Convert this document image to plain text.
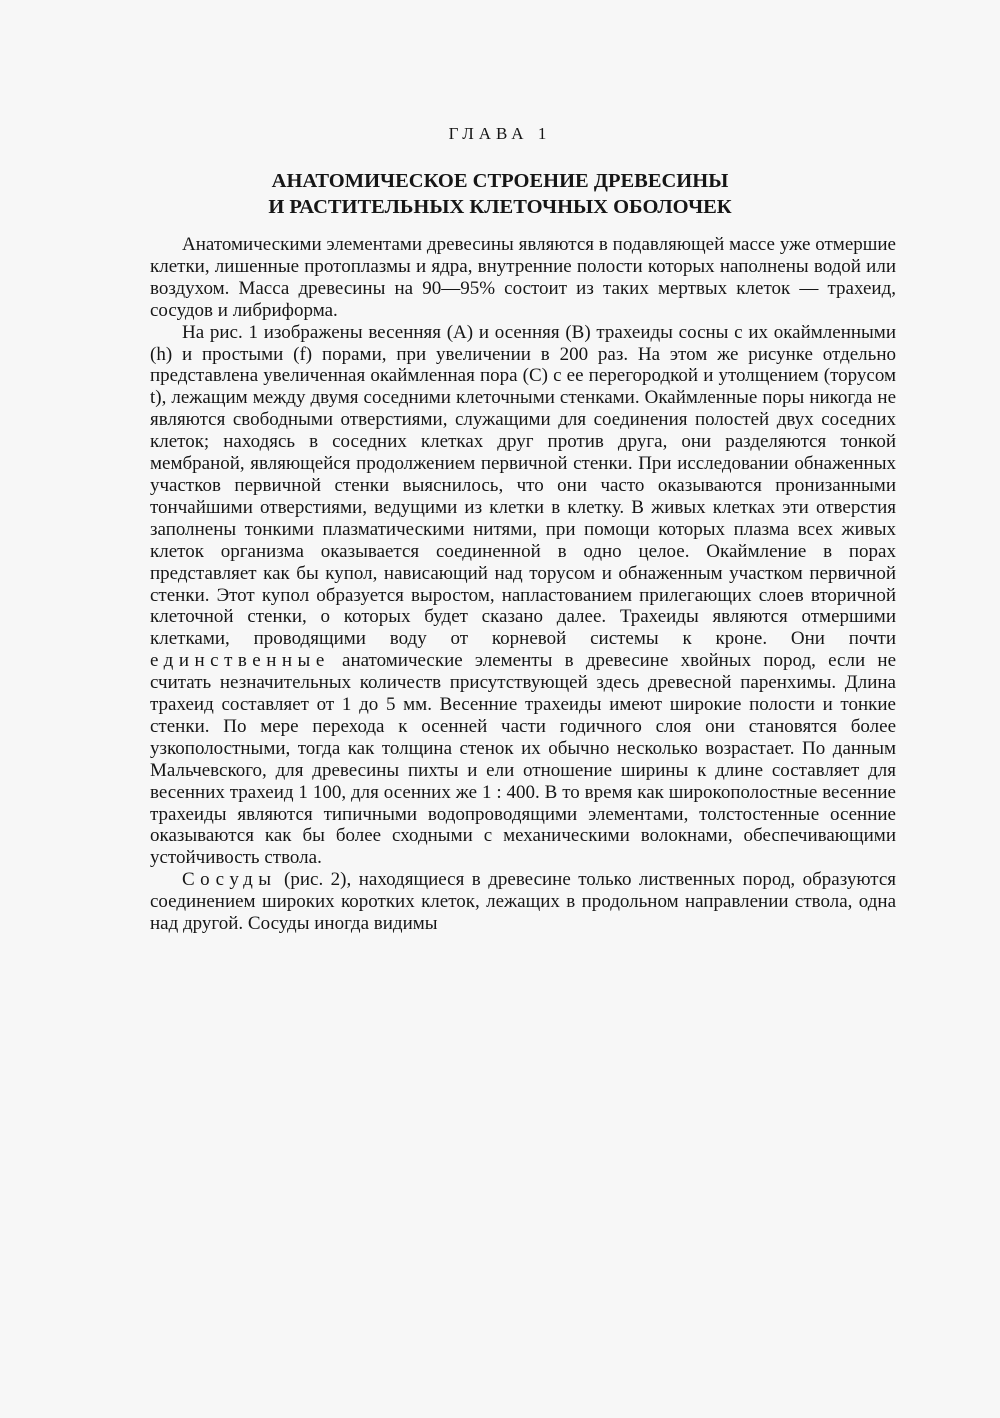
ГЛАВА 1
АНАТОМИЧЕСКОЕ СТРОЕНИЕ ДРЕВЕСИНЫ
И РАСТИТЕЛЬНЫХ КЛЕТОЧНЫХ ОБОЛОЧЕК

Анатомическими элементами древесины являются в подавляющей массе уже отмершие клетки, лишенные протоплазмы и ядра, внутренние полости которых наполнены водой или воздухом. Масса древесины на 90—95% состоит из таких мертвых клеток — трахеид, сосудов и либриформа.

На рис. 1 изображены весенняя (А) и осенняя (В) трахеиды сосны с их окаймленными (h) и простыми (f) порами, при увеличении в 200 раз. На этом же рисунке отдельно представлена увеличенная окаймленная пора (С) с ее перегородкой и утолщением (торусом t), лежащим между двумя соседними клеточными стенками. Окаймленные поры никогда не являются свободными отверстиями, служащими для соединения полостей двух соседних клеток; находясь в соседних клетках друг против друга, они разделяются тонкой мембраной, являющейся продолжением первичной стенки. При исследовании обнаженных участков первичной стенки выяснилось, что они часто оказываются пронизанными тончайшими отверстиями, ведущими из клетки в клетку. В живых клетках эти отверстия заполнены тонкими плазматическими нитями, при помощи которых плазма всех живых клеток организма оказывается соединенной в одно целое. Окаймление в порах представляет как бы купол, нависающий над торусом и обнаженным участком первичной стенки. Этот купол образуется выростом, напластованием прилегающих слоев вторичной клеточной стенки, о которых будет сказано далее. Трахеиды являются отмершими клетками, проводящими воду от корневой системы к кроне. Они почти единственные анатомические элементы в древесине хвойных пород, если не считать незначительных количеств присутствующей здесь древесной паренхимы. Длина трахеид составляет от 1 до 5 мм. Весенние трахеиды имеют широкие полости и тонкие стенки. По мере перехода к осенней части годичного слоя они становятся более узкополостными, тогда как толщина стенок их обычно несколько возрастает. По данным Мальчевского, для древесины пихты и ели отношение ширины к длине составляет для весенних трахеид 1 100, для осенних же 1 : 400. В то время как широкополостные весенние трахеиды являются типичными водопроводящими элементами, толстостенные осенние оказываются как бы более сходными с механическими волокнами, обеспечивающими устойчивость ствола.

Сосуды (рис. 2), находящиеся в древесине только лиственных пород, образуются соединением широких коротких клеток, лежащих в продольном направлении ствола, одна над другой. Сосуды иногда видимы
